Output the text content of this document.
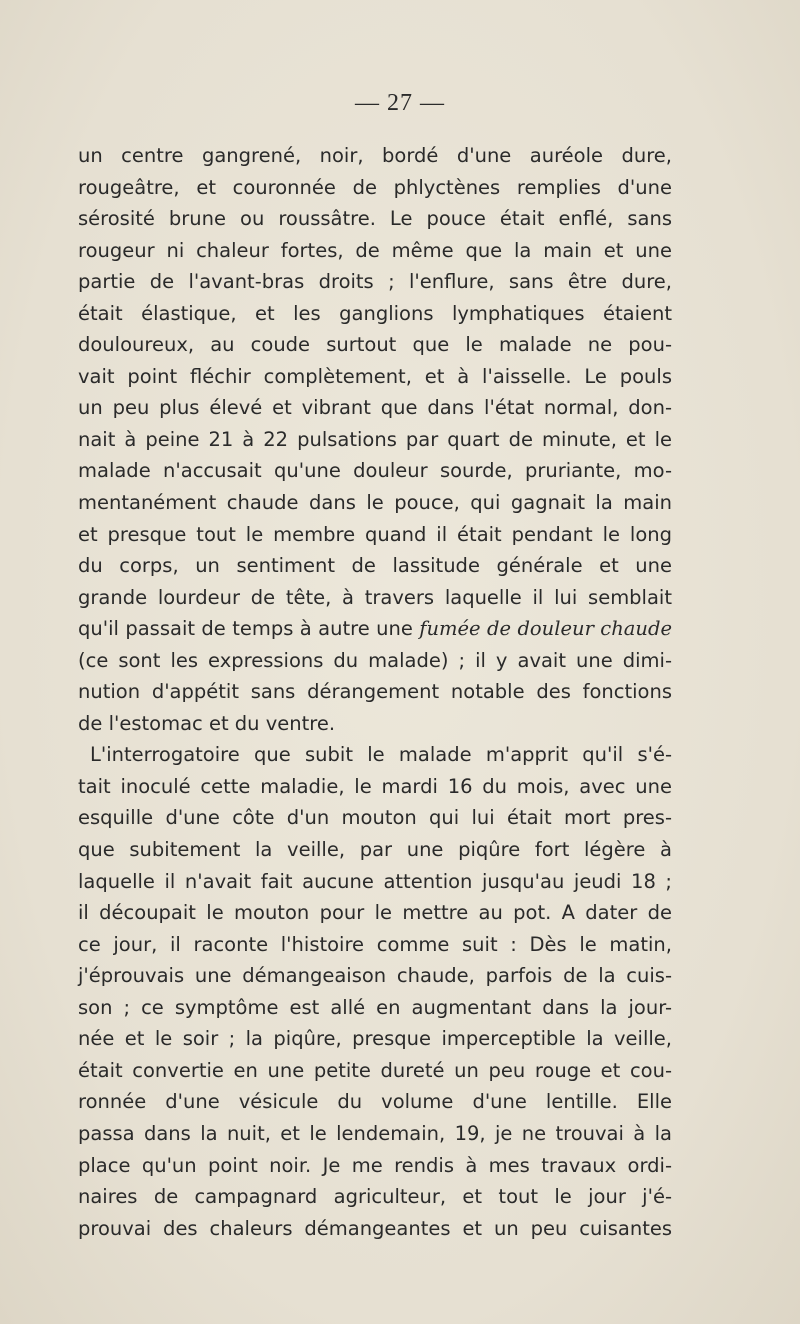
— 27 —
un centre gangrené, noir, bordé d'une auréole dure,
rougeâtre, et couronnée de phlyctènes remplies d'une
sérosité brune ou roussâtre. Le pouce était enflé, sans
rougeur ni chaleur fortes, de même que la main et une
partie de l'avant-bras droits ; l'enflure, sans être dure,
était élastique, et les ganglions lymphatiques étaient
douloureux, au coude surtout que le malade ne pou-
vait point fléchir complètement, et à l'aisselle. Le pouls
un peu plus élevé et vibrant que dans l'état normal, don-
nait à peine 21 à 22 pulsations par quart de minute, et le
malade n'accusait qu'une douleur sourde, pruriante, mo-
mentanément chaude dans le pouce, qui gagnait la main
et presque tout le membre quand il était pendant le long
du corps, un sentiment de lassitude générale et une
grande lourdeur de tête, à travers laquelle il lui semblait
qu'il passait de temps à autre une fumée de douleur chaude
(ce sont les expressions du malade) ; il y avait une dimi-
nution d'appétit sans dérangement notable des fonctions
de l'estomac et du ventre.
L'interrogatoire que subit le malade m'apprit qu'il s'é-
tait inoculé cette maladie, le mardi 16 du mois, avec une
esquille d'une côte d'un mouton qui lui était mort pres-
que subitement la veille, par une piqûre fort légère à
laquelle il n'avait fait aucune attention jusqu'au jeudi 18 ;
il découpait le mouton pour le mettre au pot. A dater de
ce jour, il raconte l'histoire comme suit : Dès le matin,
j'éprouvais une démangeaison chaude, parfois de la cuis-
son ; ce symptôme est allé en augmentant dans la jour-
née et le soir ; la piqûre, presque imperceptible la veille,
était convertie en une petite dureté un peu rouge et cou-
ronnée d'une vésicule du volume d'une lentille. Elle
passa dans la nuit, et le lendemain, 19, je ne trouvai à la
place qu'un point noir. Je me rendis à mes travaux ordi-
naires de campagnard agriculteur, et tout le jour j'é-
prouvai des chaleurs démangeantes et un peu cuisantes
